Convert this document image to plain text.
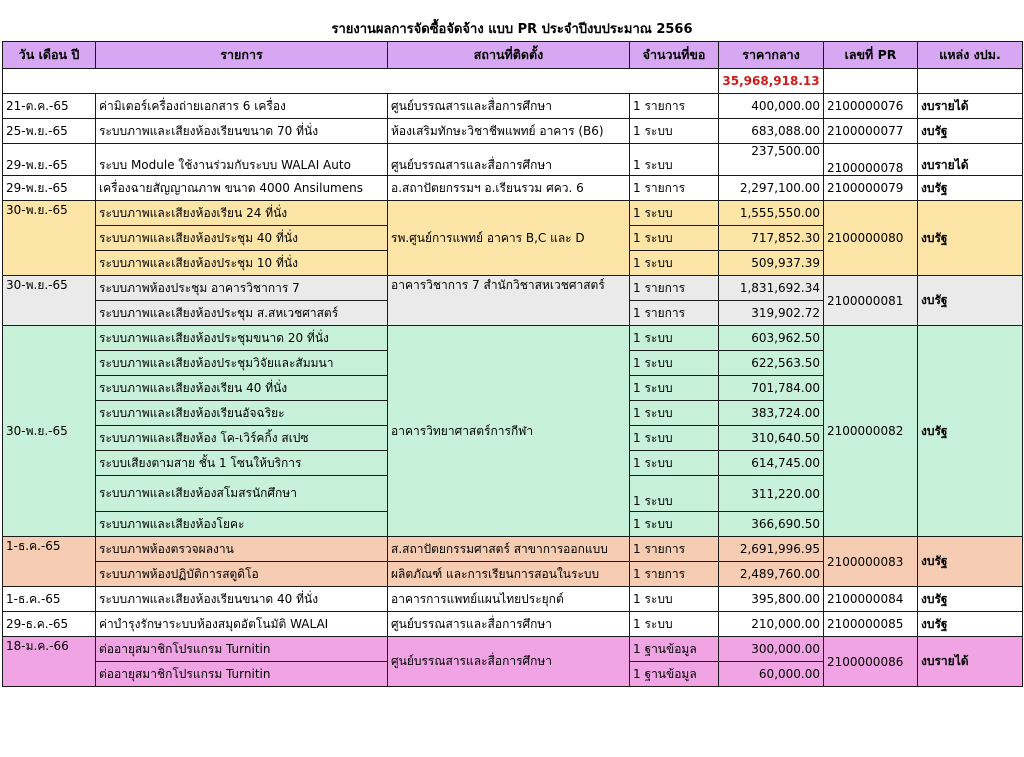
รายงานผลการจัดซื้อจัดจ้าง แบบ PR ประจำปีงบประมาณ 2566
วัน เดือน ปี	รายการ	สถานที่ติดตั้ง	จำนวนที่ขอ	ราคากลาง	เลขที่ PR	แหล่ง งปม.
				35,968,918.13		
21-ต.ค.-65	ค่ามิเตอร์เครื่องถ่ายเอกสาร 6 เครื่อง	ศูนย์บรรณสารและสื่อการศึกษา	1 รายการ	400,000.00	2100000076	งบรายได้
25-พ.ย.-65	ระบบภาพและเสียงห้องเรียนขนาด 70 ที่นั่ง	ห้องเสริมทักษะวิชาชีพแพทย์ อาคาร (B6)	1 ระบบ	683,088.00	2100000077	งบรัฐ
29-พ.ย.-65	ระบบ Module ใช้งานร่วมกับระบบ WALAI Auto	ศูนย์บรรณสารและสื่อการศึกษา	1 ระบบ	237,500.00	2100000078	งบรายได้
29-พ.ย.-65	เครื่องฉายสัญญาณภาพ ขนาด 4000 Ansilumens	อ.สถาปัตยกรรมฯ อ.เรียนรวม ศคว. 6	1 รายการ	2,297,100.00	2100000079	งบรัฐ
30-พ.ย.-65	ระบบภาพและเสียงห้องเรียน 24 ที่นั่ง	รพ.ศูนย์การแพทย์ อาคาร B,C และ D	1 ระบบ	1,555,550.00	2100000080	งบรัฐ
	ระบบภาพและเสียงห้องประชุม 40 ที่นั่ง		1 ระบบ	717,852.30		
	ระบบภาพและเสียงห้องประชุม 10 ที่นั่ง		1 ระบบ	509,937.39		
30-พ.ย.-65	ระบบภาพห้องประชุม อาคารวิชาการ 7	อาคารวิชาการ 7 สำนักวิชาสหเวชศาสตร์	1 รายการ	1,831,692.34	2100000081	งบรัฐ
	ระบบภาพและเสียงห้องประชุม ส.สหเวชศาสตร์		1 รายการ	319,902.72		
30-พ.ย.-65	ระบบภาพและเสียงห้องประชุมขนาด 20 ที่นั่ง	อาคารวิทยาศาสตร์การกีฬา	1 ระบบ	603,962.50	2100000082	งบรัฐ
	ระบบภาพและเสียงห้องประชุมวิจัยและสัมมนา		1 ระบบ	622,563.50		
	ระบบภาพและเสียงห้องเรียน 40 ที่นั่ง		1 ระบบ	701,784.00		
	ระบบภาพและเสียงห้องเรียนอัจฉริยะ		1 ระบบ	383,724.00		
	ระบบภาพและเสียงห้อง โค-เวิร์คกิ้ง สเปซ		1 ระบบ	310,640.50		
	ระบบเสียงตามสาย ชั้น 1 โซนให้บริการ		1 ระบบ	614,745.00		
	ระบบภาพและเสียงห้องสโมสรนักศึกษา		1 ระบบ	311,220.00		
	ระบบภาพและเสียงห้องโยคะ		1 ระบบ	366,690.50		
1-ธ.ค.-65	ระบบภาพห้องตรวจผลงาน	ส.สถาปัตยกรรมศาสตร์ สาขาการออกแบบ	1 รายการ	2,691,996.95	2100000083	งบรัฐ
	ระบบภาพห้องปฏิบัติการสตูดิโอ	ผลิตภัณฑ์ และการเรียนการสอนในระบบ	1 รายการ	2,489,760.00		
1-ธ.ค.-65	ระบบภาพและเสียงห้องเรียนขนาด 40 ที่นั่ง	อาคารการแพทย์แผนไทยประยุกต์	1 ระบบ	395,800.00	2100000084	งบรัฐ
29-ธ.ค.-65	ค่าบำรุงรักษาระบบห้องสมุดอัตโนมัติ WALAI	ศูนย์บรรณสารและสื่อการศึกษา	1 ระบบ	210,000.00	2100000085	งบรัฐ
18-ม.ค.-66	ต่ออายุสมาชิกโปรแกรม Turnitin	ศูนย์บรรณสารและสื่อการศึกษา	1 ฐานข้อมูล	300,000.00	2100000086	งบรายได้
	ต่ออายุสมาชิกโปรแกรม Turnitin		1 ฐานข้อมูล	60,000.00		
